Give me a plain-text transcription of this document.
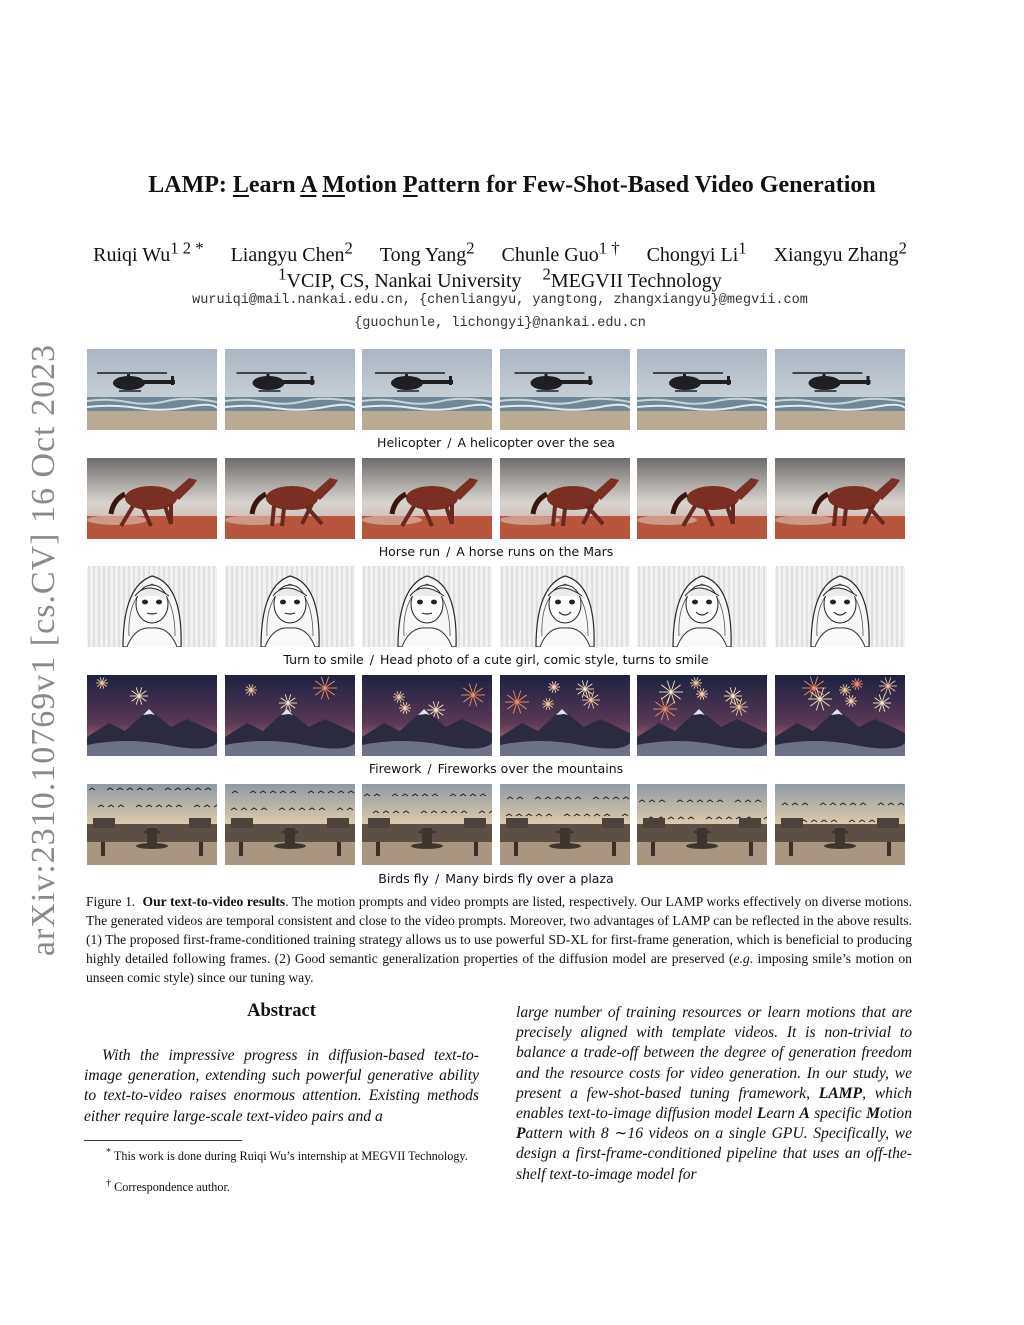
arXiv:2310.10769v1 [cs.CV] 16 Oct 2023
LAMP: Learn A Motion Pattern for Few-Shot-Based Video Generation
Ruiqi $Wu^{1 2 *}$ Liangyu Chen$^2$ Tong Yang$^2$ Chunle Guo$^{1 \dagger}$ Chongyi Li$^1$ Xiangyu Zhang$^2$
$^1$VCIP, CS, Nankai University $^2$MEGVII Technology
wuruiqi@mail.nankai.edu.cn, {chenliangyu, yangtong, zhangxiangyu}@megvii.com
{guochunle, lichongyi}@nankai.edu.cn
Helicopter / A helicopter over the sea
Horse run / A horse runs on the Mars
Turn to smile / Head photo of a cute girl, comic style, turns to smile
Firework / Fireworks over the mountains
Birds fly / Many birds fly over a plaza
Figure 1. Our text-to-video results. The motion prompts and video prompts are listed, respectively. Our LAMP works effectively on diverse motions. The generated videos are temporal consistent and close to the video prompts. Moreover, two advantages of LAMP can be reflected in the above results. (1) The proposed first-frame-conditioned training strategy allows us to use powerful SD-XL for first-frame generation, which is beneficial to producing highly detailed following frames. (2) Good semantic generalization properties of the diffusion model are preserved (e.g. imposing smile’s motion on unseen comic style) since our tuning way.
Abstract
With the impressive progress in diffusion-based text-to-image generation, extending such powerful generative ability to text-to-video raises enormous attention. Existing methods either require large-scale text-video pairs and a
large number of training resources or learn motions that are precisely aligned with template videos. It is non-trivial to balance a trade-off between the degree of generation freedom and the resource costs for video generation. In our study, we present a few-shot-based tuning framework, LAMP, which enables text-to-image diffusion model Learn A specific Motion Pattern with 8 ∼16 videos on a single GPU. Specifically, we design a first-frame-conditioned pipeline that uses an off-the-shelf text-to-image model for
* This work is done during Ruiqi Wu’s internship at MEGVII Technology.
† Correspondence author.
